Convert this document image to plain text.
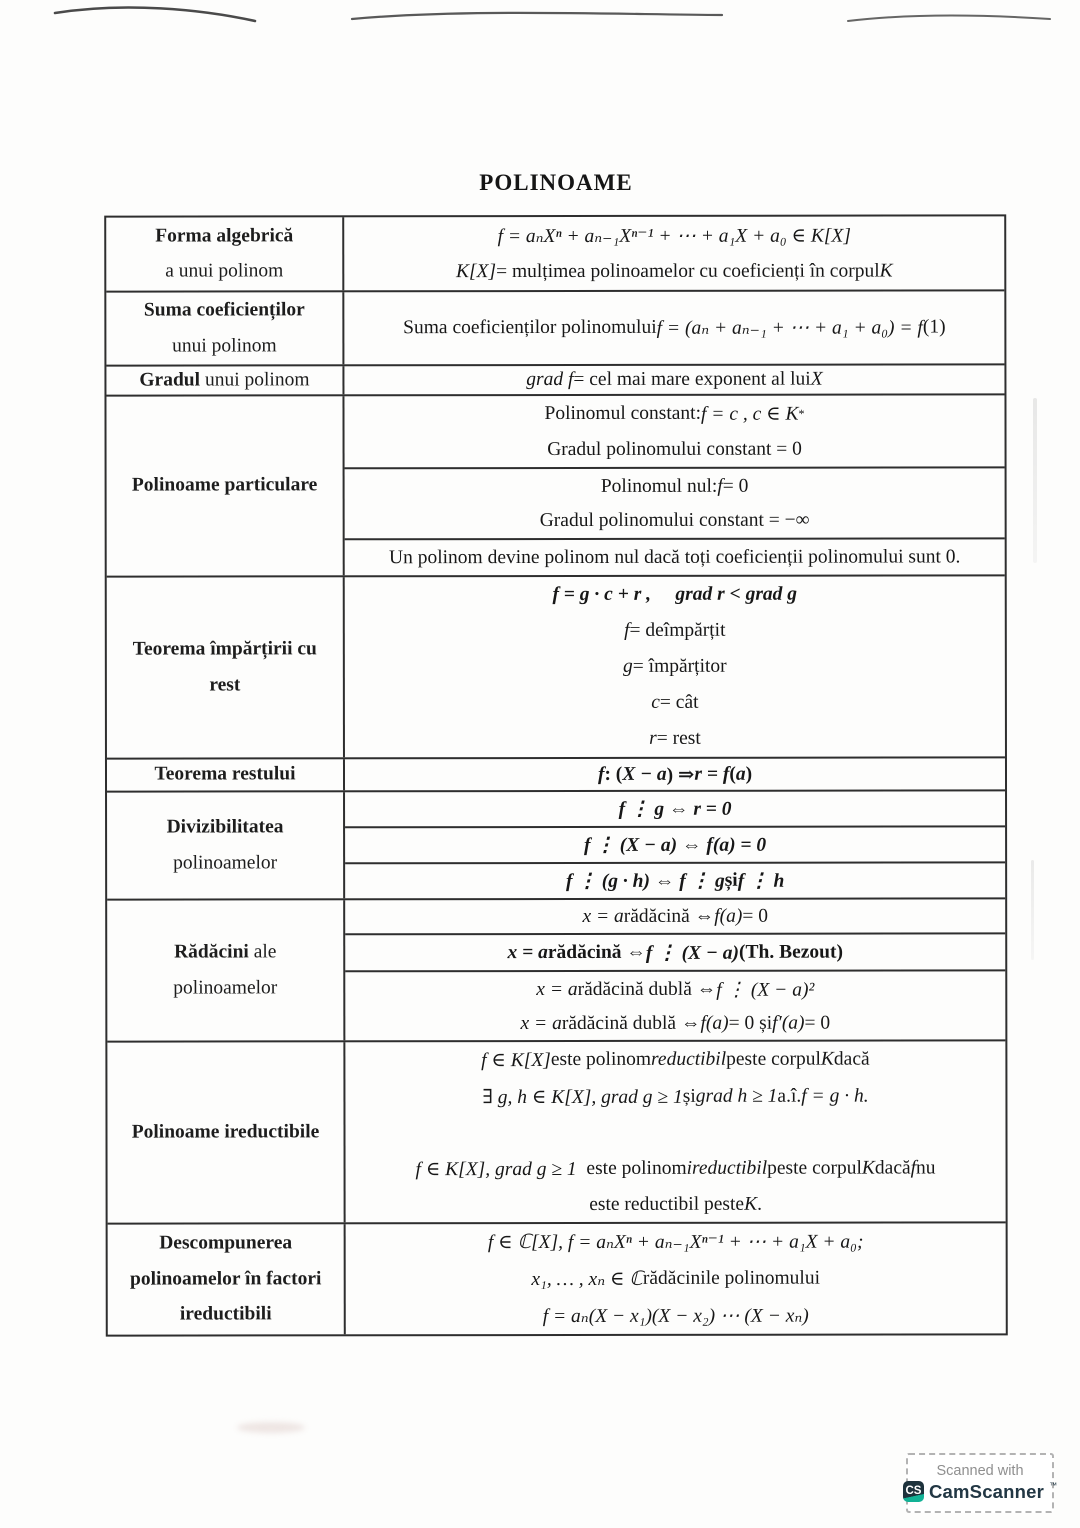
POLINOAME
Forma algebrică
a unui polinom
f = aₙXⁿ + aₙ₋₁Xⁿ⁻¹ + ⋯ + a₁X + a₀ ∈ K[X]
K[X] = mulțimea polinoamelor cu coeficienți în corpul K
Suma coeficienților
unui polinom
Suma coeficienților polinomului f = (aₙ + aₙ₋₁ + ⋯ + a₁ + a₀) = f (1)
Gradul unui polinom	grad f = cel mai mare exponent al lui X
Polinoame particulare
Polinomul constant: f = c , c ∈ K *
Gradul polinomului constant = 0
Polinomul nul: f = 0
Gradul polinomului constant = −∞
Un polinom devine polinom nul dacă toți coeficienții polinomului sunt 0.
Teorema împărțirii cu
rest
f = g · c + r ,
grad r < grad g
f = deîmpărțit
g = împărțitor
c = cât
r = rest
Teorema restului	f : ( X − a ) ⇒ r = f ( a )
Divizibilitatea
polinoamelor
f ⋮ g ⇔ r = 0
f ⋮ (X − a) ⇔ f(a) = 0
f ⋮ (g · h) ⇔ f ⋮ g și f ⋮ h
Rădăcini ale
polinoamelor
x = a rădăcină ⇔ f(a) = 0
x = a rădăcină ⇔ f ⋮ (X − a) (Th. Bezout)
x = a rădăcină dublă ⇔ f ⋮ (X − a)²
x = a rădăcină dublă ⇔ f(a) = 0 și f′(a) = 0
Polinoame ireductibile
f ∈ K[X] este polinom reductibil peste corpul K dacă
∃ g, h ∈ K[X], grad g ≥ 1 și grad h ≥ 1 a.î. f = g · h.

f ∈ K[X], grad g ≥ 1 este polinom ireductibil peste corpul K dacă f nu
este reductibil peste K .
Descompunerea
polinoamelor în factori
ireductibili
f ∈ ℂ[X], f = aₙXⁿ + aₙ₋₁Xⁿ⁻¹ + ⋯ + a₁X + a₀;
x₁, … , xₙ ∈ ℂ rădăcinile polinomului
f = aₙ(X − x₁)(X − x₂) ⋯ (X − xₙ)
Scanned with
CS CamScanner ™
